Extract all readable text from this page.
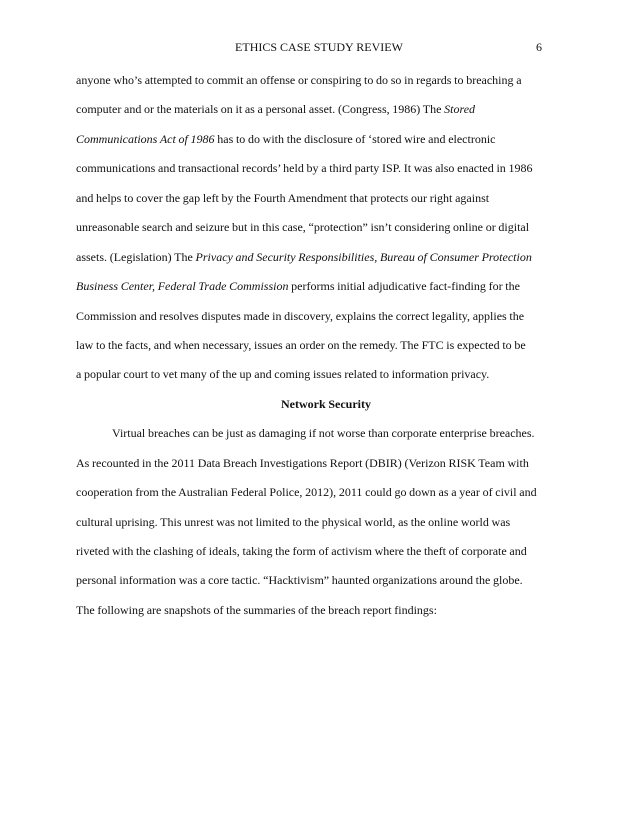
ETHICS CASE STUDY REVIEW	6
anyone who’s attempted to commit an offense or conspiring to do so in regards to breaching a
computer and or the materials on it as a personal asset. (Congress, 1986) The Stored
Communications Act of 1986 has to do with the disclosure of ‘stored wire and electronic
communications and transactional records’ held by a third party ISP. It was also enacted in 1986
and helps to cover the gap left by the Fourth Amendment that protects our right against
unreasonable search and seizure but in this case, “protection” isn’t considering online or digital
assets. (Legislation) The Privacy and Security Responsibilities, Bureau of Consumer Protection
Business Center, Federal Trade Commission performs initial adjudicative fact-finding for the
Commission and resolves disputes made in discovery, explains the correct legality, applies the
law to the facts, and when necessary, issues an order on the remedy. The FTC is expected to be
a popular court to vet many of the up and coming issues related to information privacy.
Network Security
Virtual breaches can be just as damaging if not worse than corporate enterprise breaches.
As recounted in the 2011 Data Breach Investigations Report (DBIR) (Verizon RISK Team with
cooperation from the Australian Federal Police, 2012), 2011 could go down as a year of civil and
cultural uprising. This unrest was not limited to the physical world, as the online world was
riveted with the clashing of ideals, taking the form of activism where the theft of corporate and
personal information was a core tactic. “Hacktivism” haunted organizations around the globe.
The following are snapshots of the summaries of the breach report findings:
